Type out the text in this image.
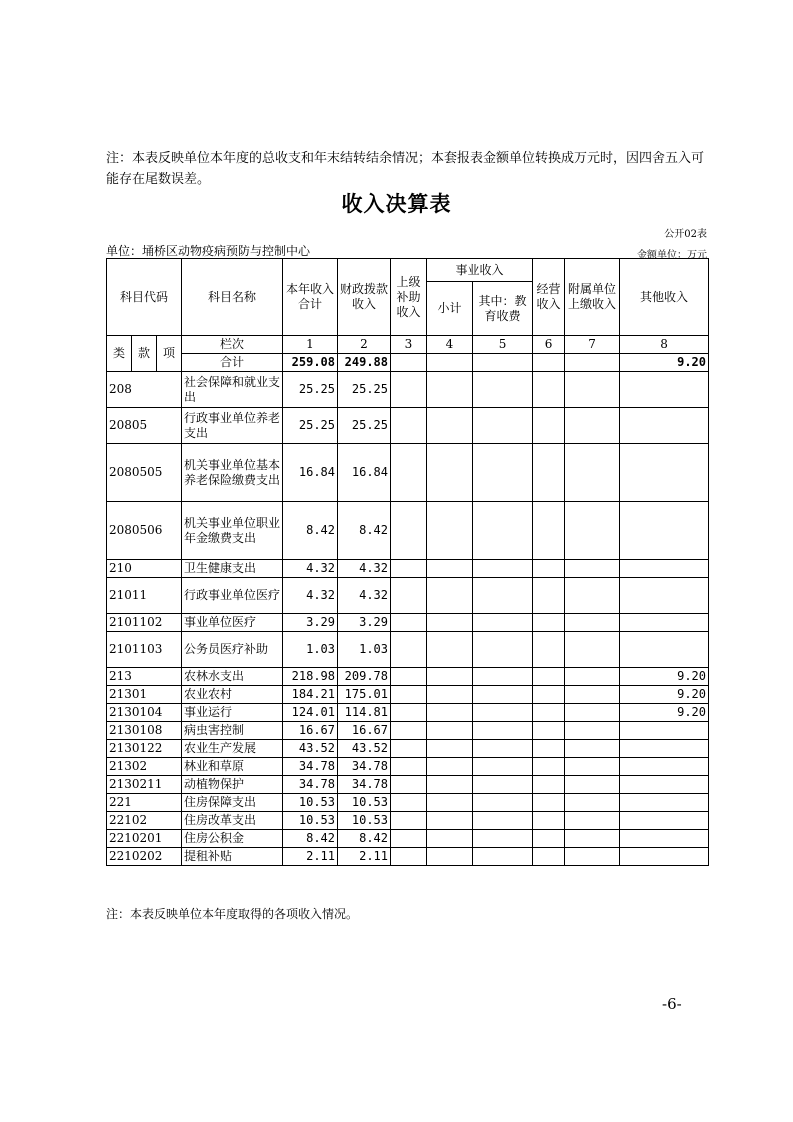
注：本表反映单位本年度的总收支和年末结转结余情况；本套报表金额单位转换成万元时，因四舍五入可能存在尾数误差。
收入决算表
公开02表
单位：埇桥区动物疫病预防与控制中心	金额单位：万元
科目代码			科目名称	本年收入合计	财政拨款收入	上级补助收入	事业收入		经营收入	附属单位上缴收入	其他收入
							小计	其中：教育收费			

类	款	项	栏次	1	2	3	4	5	6	7	8
			合计	259.08	249.88						9.20
208			社会保障和就业支出	25.25	25.25						
20805			行政事业单位养老支出	25.25	25.25						
2080505			机关事业单位基本养老保险缴费支出	16.84	16.84						
2080506			机关事业单位职业年金缴费支出	8.42	8.42						
210			卫生健康支出	4.32	4.32						
21011			行政事业单位医疗	4.32	4.32						
2101102			事业单位医疗	3.29	3.29						
2101103			公务员医疗补助	1.03	1.03						
213			农林水支出	218.98	209.78						9.20
21301			农业农村	184.21	175.01						9.20
2130104			事业运行	124.01	114.81						9.20
2130108			病虫害控制	16.67	16.67						
2130122			农业生产发展	43.52	43.52						
21302			林业和草原	34.78	34.78						
2130211			动植物保护	34.78	34.78						
221			住房保障支出	10.53	10.53						
22102			住房改革支出	10.53	10.53						
2210201			住房公积金	8.42	8.42						
2210202			提租补贴	2.11	2.11						
注：本表反映单位本年度取得的各项收入情况。
-6-
